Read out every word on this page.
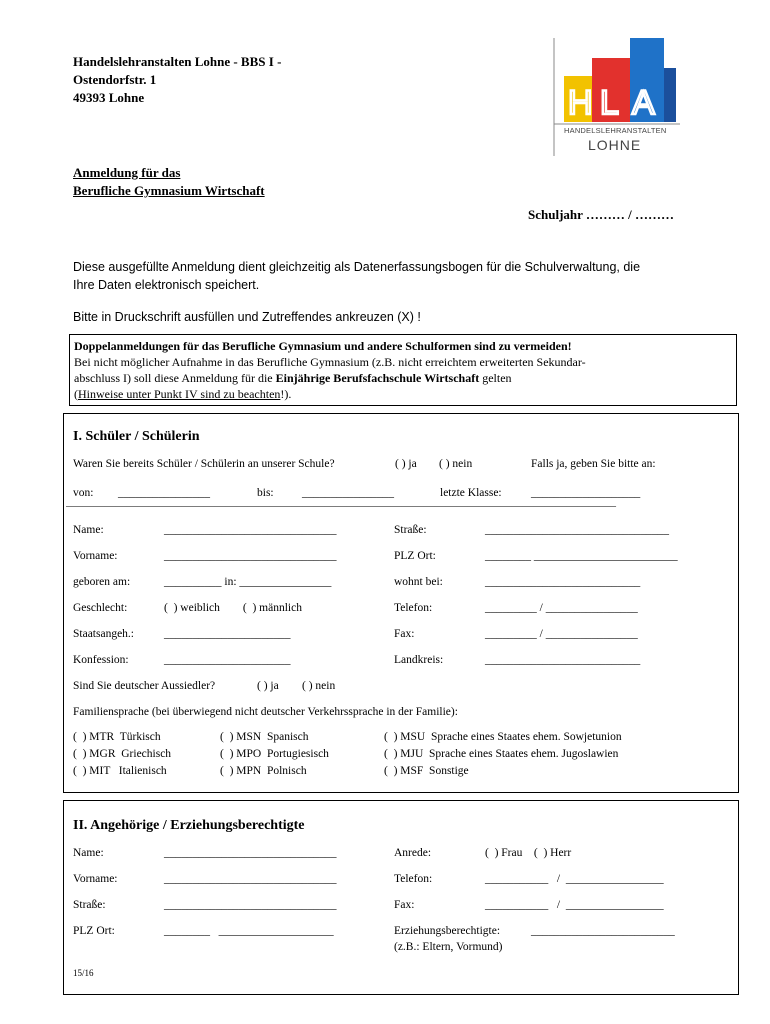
Handelslehranstalten Lohne - BBS I -
Ostendorfstr. 1
49393 Lohne	H L A
HANDELSLEHRANSTALTEN
LOHNE
Anmeldung für das
Berufliche Gymnasium Wirtschaft
Schuljahr ……… / ………
Diese ausgefüllte Anmeldung dient gleichzeitig als Datenerfassungsbogen für die Schulverwaltung, die
Ihre Daten elektronisch speichert.
Bitte in Druckschrift ausfüllen und Zutreffendes ankreuzen (X) !
Doppelanmeldungen für das Berufliche Gymnasium und andere Schulformen sind zu vermeiden!
Bei nicht möglicher Aufnahme in das Berufliche Gymnasium (z.B. nicht erreichtem erweiterten Sekundar-
abschluss I) soll diese Anmeldung für die Einjährige Berufsfachschule Wirtschaft gelten
(Hinweise unter Punkt IV sind zu beachten!).
I. Schüler / Schülerin
Waren Sie bereits Schüler / Schülerin an unserer Schule?	( ) ja ( ) nein	Falls ja, geben Sie bitte an:
von: ________________	bis: ________________	letzte Klasse:	___________________
____________________________________________________________________________________________________
Name:	______________________________	Straße:	________________________________
Vorname:	______________________________	PLZ Ort:	________ _________________________
geboren am:	__________ in: ________________	wohnt bei:	___________________________
Geschlecht:	(  ) weiblich        (  ) männlich	Telefon:	_________ / ________________
Staatsangeh.:	______________________	Fax:	_________ / ________________
Konfession:	______________________	Landkreis:	___________________________
Sind Sie deutscher Aussiedler?	( ) ja ( ) nein
Familiensprache (bei überwiegend nicht deutscher Verkehrssprache in der Familie):
(  ) MTR  Türkisch	(  ) MSN  Spanisch	(  ) MSU  Sprache eines Staates ehem. Sowjetunion
(  ) MGR  Griechisch	(  ) MPO  Portugiesisch	(  ) MJU  Sprache eines Staates ehem. Jugoslawien
(  ) MIT   Italienisch	(  ) MPN  Polnisch	(  ) MSF  Sonstige
II. Angehörige / Erziehungsberechtigte
Name:	______________________________	Anrede:	(  ) Frau    (  ) Herr
Vorname:	______________________________	Telefon:	___________   /  _________________
Straße:	______________________________	Fax:	___________   /  _________________
PLZ Ort:	________   ____________________	Erziehungsberechtigte:	_________________________
(z.B.: Eltern, Vormund)
15/16
